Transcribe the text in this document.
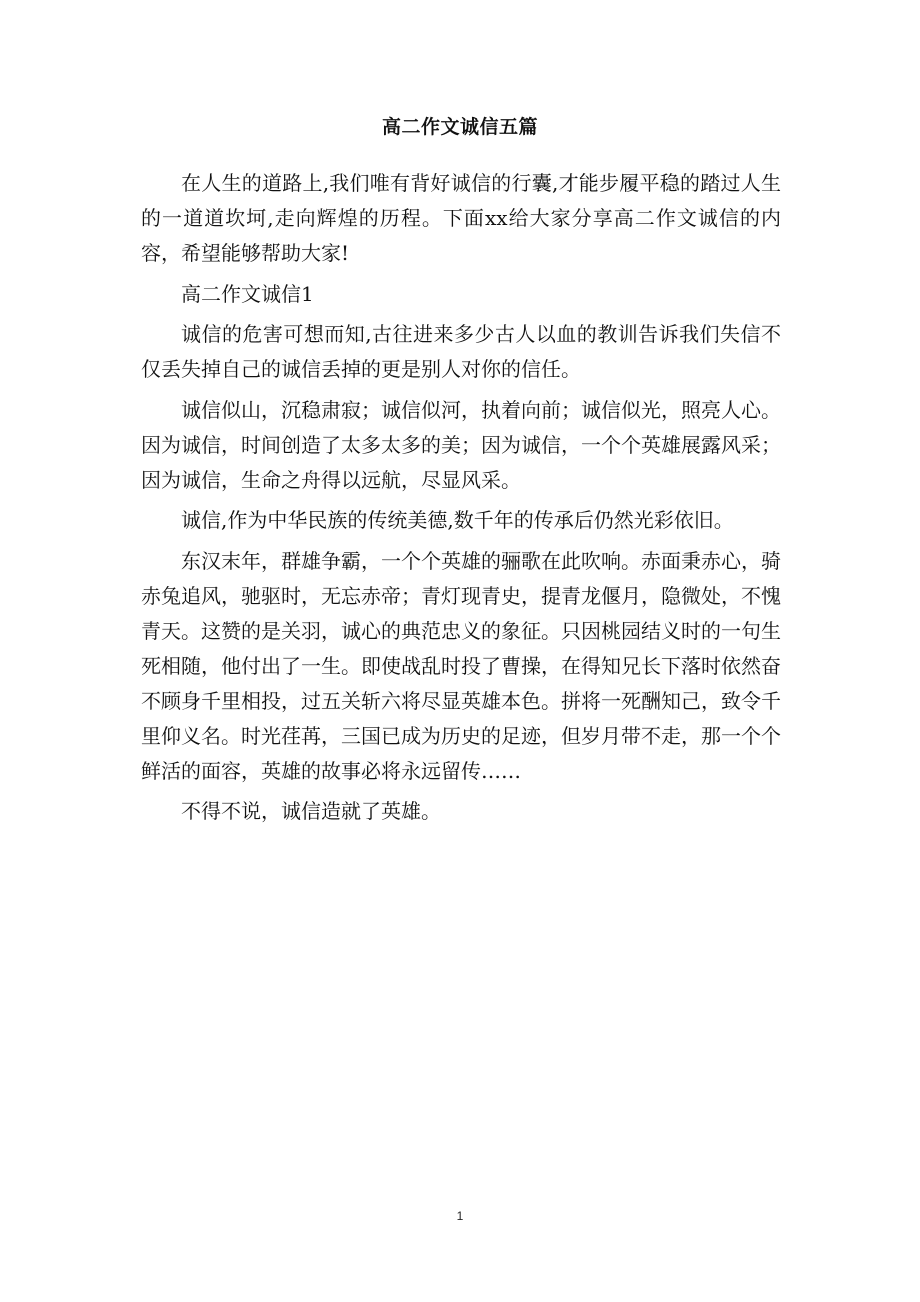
高二作文诚信五篇

在人生的道路上,我们唯有背好诚信的行囊,才能步履平稳的踏过人生的一道道坎坷,走向辉煌的历程。下面xx给大家分享高二作文诚信的内容，希望能够帮助大家!

高二作文诚信1

诚信的危害可想而知,古往进来多少古人以血的教训告诉我们失信不仅丢失掉自己的诚信丢掉的更是别人对你的信任。

诚信似山，沉稳肃寂；诚信似河，执着向前；诚信似光，照亮人心。因为诚信，时间创造了太多太多的美；因为诚信，一个个英雄展露风采；因为诚信，生命之舟得以远航，尽显风采。

诚信,作为中华民族的传统美德,数千年的传承后仍然光彩依旧。

东汉末年，群雄争霸，一个个英雄的骊歌在此吹响。赤面秉赤心，骑赤兔追风，驰驱时，无忘赤帝；青灯现青史，提青龙偃月，隐微处，不愧青天。这赞的是关羽，诚心的典范忠义的象征。只因桃园结义时的一句生死相随，他付出了一生。即使战乱时投了曹操，在得知兄长下落时依然奋不顾身千里相投，过五关斩六将尽显英雄本色。拼将一死酬知己，致令千里仰义名。时光荏苒，三国已成为历史的足迹，但岁月带不走，那一个个鲜活的面容，英雄的故事必将永远留传……

不得不说，诚信造就了英雄。

1
